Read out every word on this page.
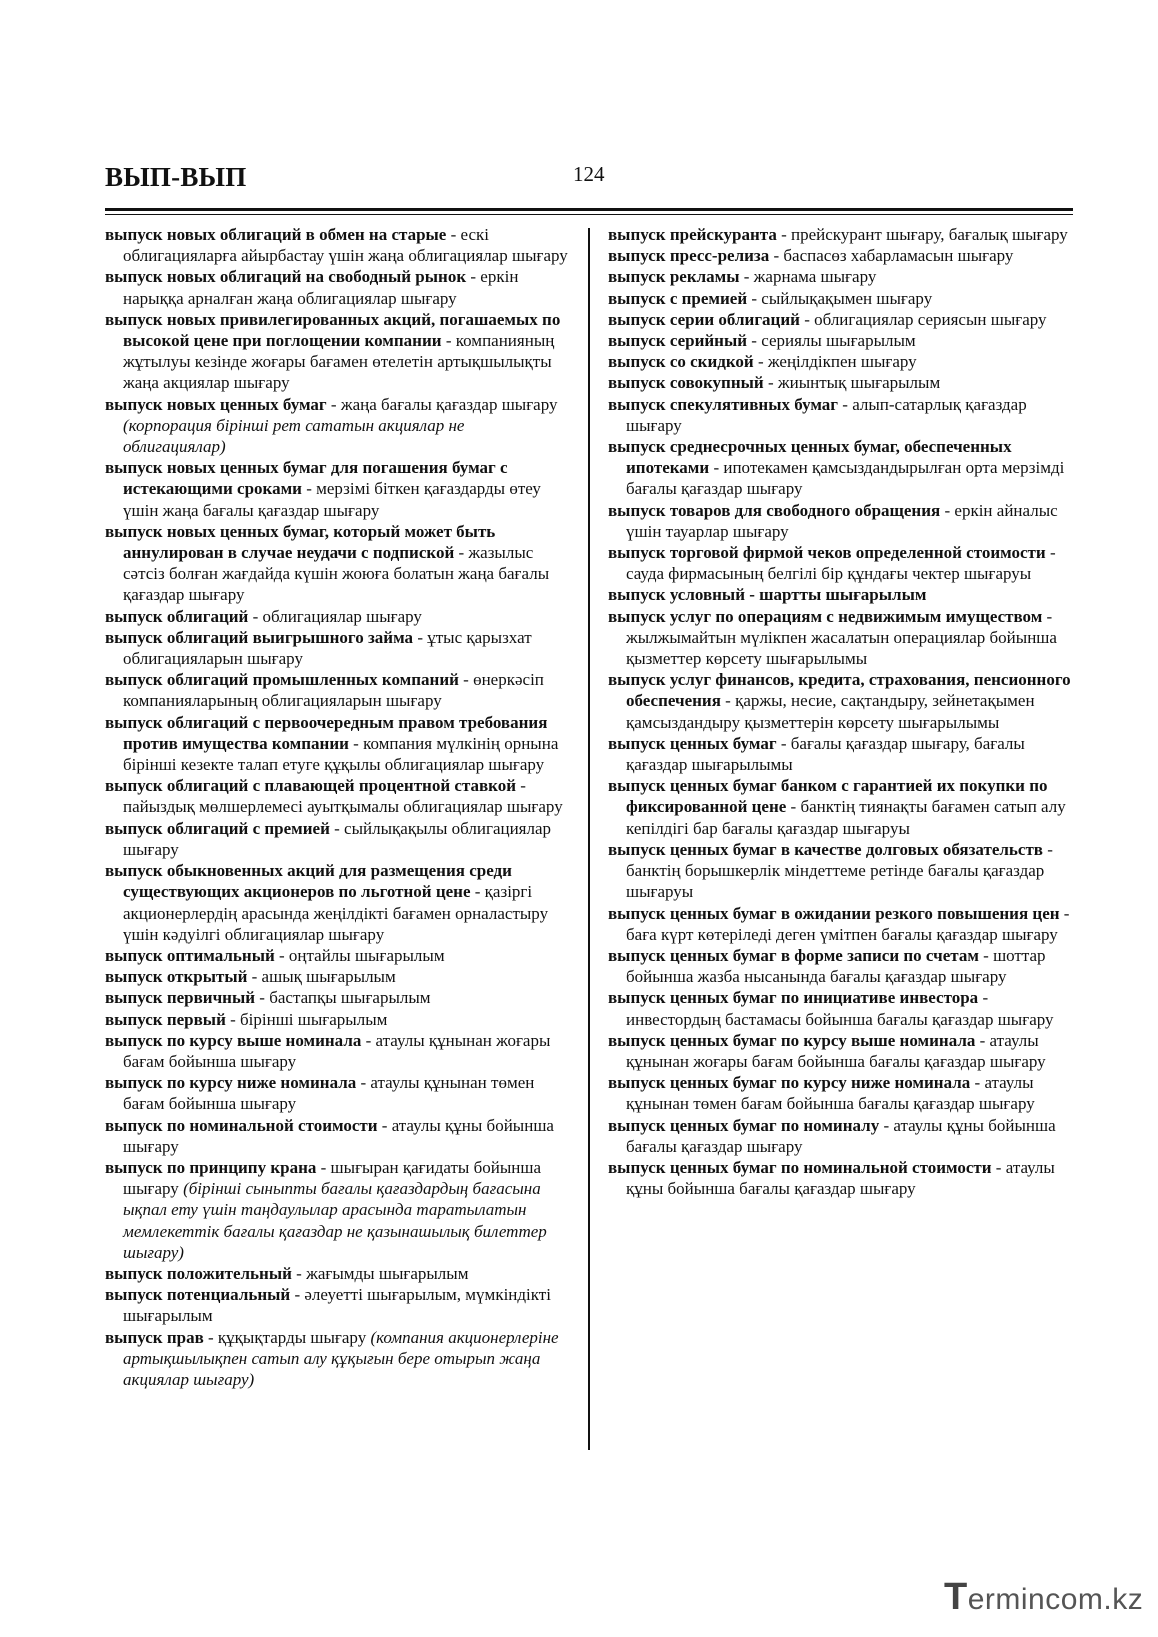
ВЫП-ВЫП	124

выпуск новых облигаций в обмен на старые - ескі облигацияларға айырбастау үшін жаңа облигациялар шығару

выпуск новых облигаций на свободный рынок - еркін нарыққа арналған жаңа облигациялар шығару

выпуск новых привилегированных акций, погашаемых по высокой цене при поглощении компании - компанияның жұтылуы кезінде жоғары бағамен өтелетін артықшылықты жаңа акциялар шығару

выпуск новых ценных бумаг - жаңа бағалы қағаздар шығару (корпорация бірінші рет сататын акциялар не облигациялар)

выпуск новых ценных бумаг для погашения бумаг с истекающими сроками - мерзімі біткен қағаздарды өтеу үшін жаңа бағалы қағаздар шығару

выпуск новых ценных бумаг, который может быть аннулирован в случае неудачи с подпиской - жазылыс сәтсіз болған жағдайда күшін жоюға болатын жаңа бағалы қағаздар шығару

выпуск облигаций - облигациялар шығару

выпуск облигаций выигрышного займа - ұтыс қарызхат облигацияларын шығару

выпуск облигаций промышленных компаний - өнеркәсіп компанияларының облигацияларын шығару

выпуск облигаций с первоочередным правом требования против имущества компании - компания мүлкінің орнына бірінші кезекте талап етуге құқылы облигациялар шығару

выпуск облигаций с плавающей процентной ставкой - пайыздық мөлшерлемесі ауытқымалы облигациялар шығару

выпуск облигаций с премией - сыйлықақылы облигациялар шығару

выпуск обыкновенных акций для размещения среди существующих акционеров по льготной цене - қазіргі акционерлердің арасында жеңілдікті бағамен орналастыру үшін кәдуілгі облигациялар шығару

выпуск оптимальный - оңтайлы шығарылым

выпуск открытый - ашық шығарылым

выпуск первичный - бастапқы шығарылым

выпуск первый - бірінші шығарылым

выпуск по курсу выше номинала - атаулы құнынан жоғары бағам бойынша шығару

выпуск по курсу ниже номинала - атаулы құнынан төмен бағам бойынша шығару

выпуск по номинальной стоимости - атаулы құны бойынша шығару

выпуск по принципу крана - шығыран қағидаты бойынша шығару (бірінші сыныпты бағалы қағаздардың бағасына ықпал ету үшін таңдаулылар арасында таратылатын мемлекеттік бағалы қағаздар не қазынашылық билеттер шығару)

выпуск положительный - жағымды шығарылым

выпуск потенциальный - әлеуетті шығарылым, мүмкіндікті шығарылым

выпуск прав - құқықтарды шығару (компания акционерлеріне артықшылықпен сатып алу құқығын бере отырып жаңа акциялар шығару)

выпуск прейскуранта - прейскурант шығару, бағалық шығару

выпуск пресс-релиза - баспасөз хабарламасын шығару

выпуск рекламы - жарнама шығару

выпуск с премией - сыйлықақымен шығару

выпуск серии облигаций - облигациялар сериясын шығару

выпуск серийный - сериялы шығарылым

выпуск со скидкой - жеңілдікпен шығару

выпуск совокупный - жиынтық шығарылым

выпуск спекулятивных бумаг - алып-сатарлық қағаздар шығару

выпуск среднесрочных ценных бумаг, обеспеченных ипотеками - ипотекамен қамсыздандырылған орта мерзімді бағалы қағаздар шығару

выпуск товаров для свободного обращения - еркін айналыс үшін тауарлар шығару

выпуск торговой фирмой чеков определенной стоимости - сауда фирмасының белгілі бір құндағы чектер шығаруы

выпуск условный - шартты шығарылым

выпуск услуг по операциям с недвижимым имуществом - жылжымайтын мүлікпен жасалатын операциялар бойынша қызметтер көрсету шығарылымы

выпуск услуг финансов, кредита, страхования, пенсионного обеспечения - қаржы, несие, сақтандыру, зейнетақымен қамсыздандыру қызметтерін көрсету шығарылымы

выпуск ценных бумаг - бағалы қағаздар шығару, бағалы қағаздар шығарылымы

выпуск ценных бумаг банком с гарантией их покупки по фиксированной цене - банктің тиянақты бағамен сатып алу кепілдігі бар бағалы қағаздар шығаруы

выпуск ценных бумаг в качестве долговых обязательств - банктің борышкерлік міндеттеме ретінде бағалы қағаздар шығаруы

выпуск ценных бумаг в ожидании резкого повышения цен - баға күрт көтеріледі деген үмітпен бағалы қағаздар шығару

выпуск ценных бумаг в форме записи по счетам - шоттар бойынша жазба нысанында бағалы қағаздар шығару

выпуск ценных бумаг по инициативе инвестора - инвестордың бастамасы бойынша бағалы қағаздар шығару

выпуск ценных бумаг по курсу выше номинала - атаулы құнынан жоғары бағам бойынша бағалы қағаздар шығару

выпуск ценных бумаг по курсу ниже номинала - атаулы құнынан төмен бағам бойынша бағалы қағаздар шығару

выпуск ценных бумаг по номиналу - атаулы құны бойынша бағалы қағаздар шығару

выпуск ценных бумаг по номинальной стоимости - атаулы құны бойынша бағалы қағаздар шығару

Termincom.kz
